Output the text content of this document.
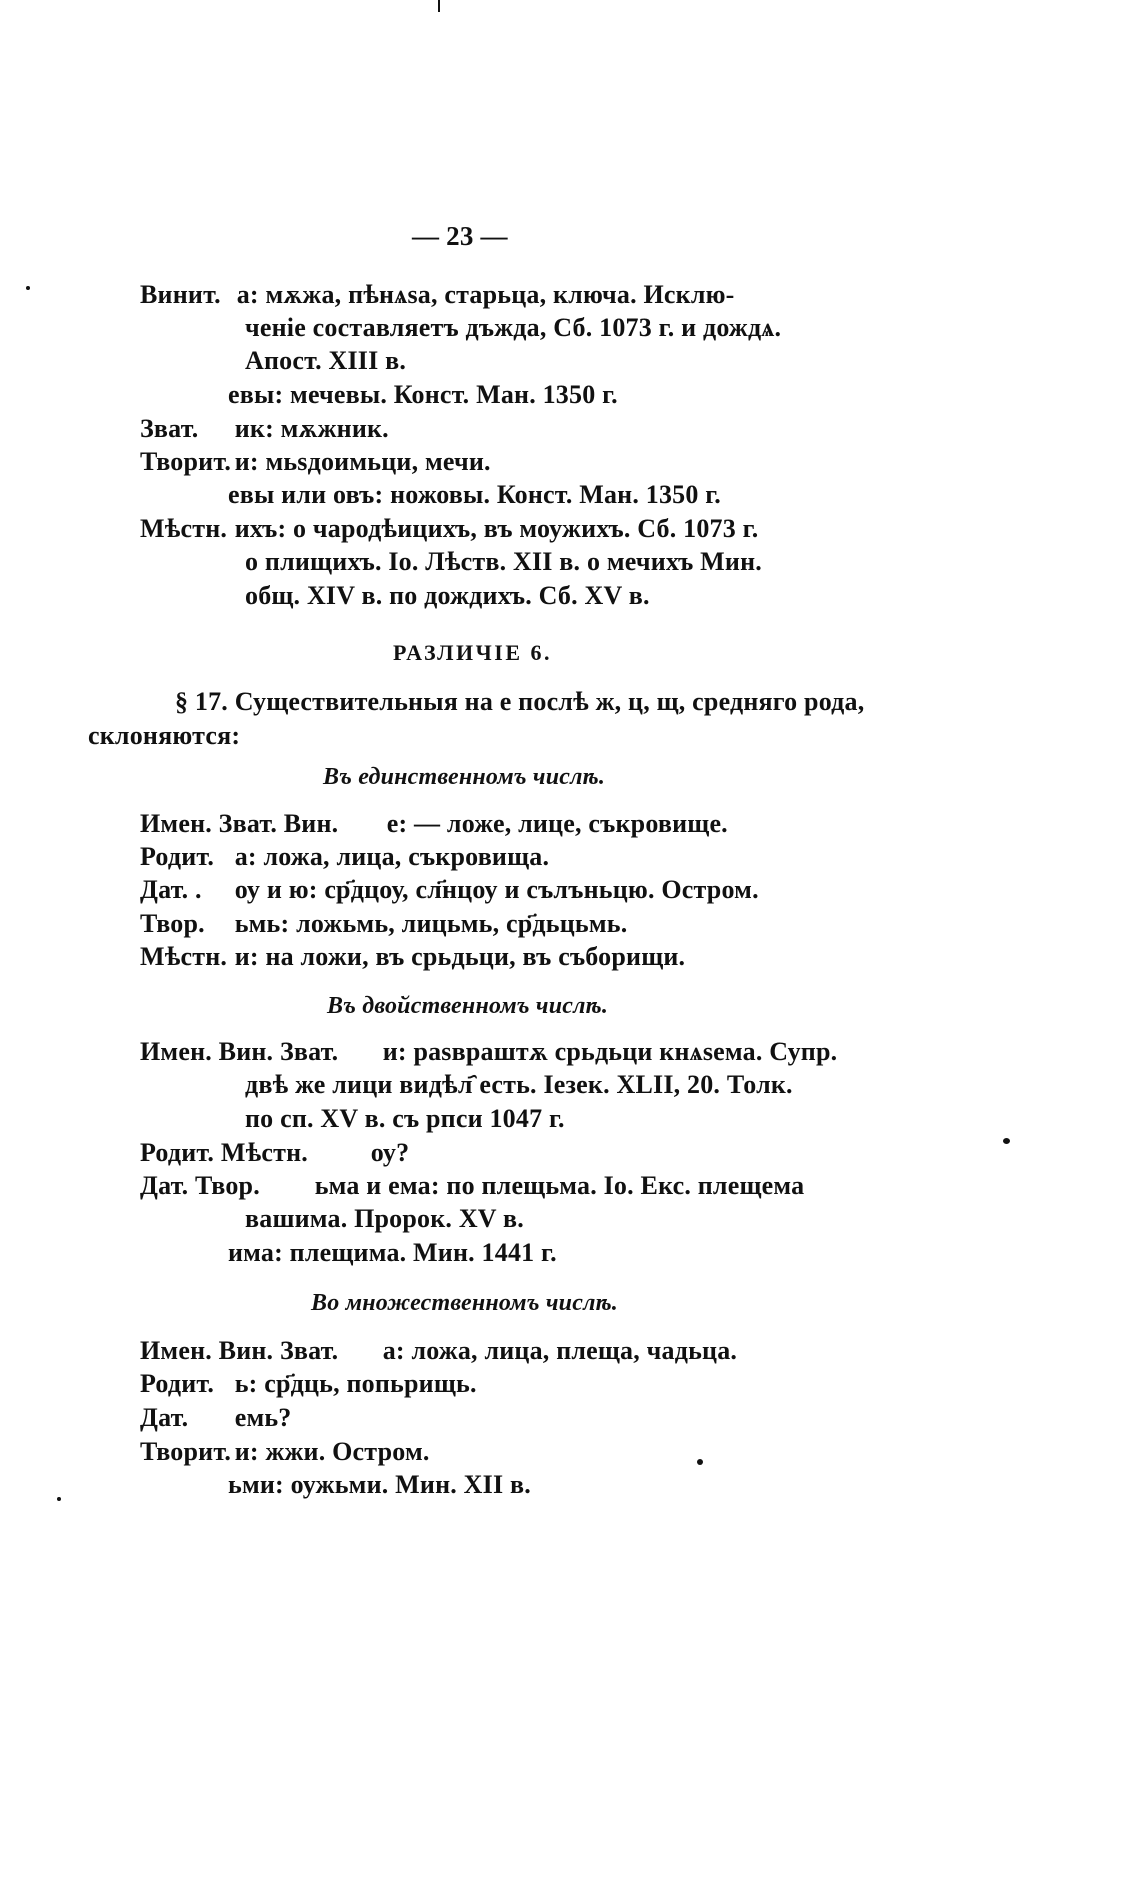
— 23 —
Винит. а: мѫжа, пѣнѧѕа, старьца, ключа. Исклю-
ченіе составляетъ дъжда, Сб. 1073 г. и дождѧ.
Апост. XIII в.
евы: мечевы. Конст. Ман. 1350 г.
Зват. ик: мѫжник.
Творит. и: мьѕдоимьци, мечи.
евы или овъ: ножовы. Конст. Ман. 1350 г.
Мѣстн. ихъ: о чародѣицихъ, въ моужихъ. Сб. 1073 г.
о плищихъ. Іо. Лѣств. XII в. о мечихъ Мин.
общ. XIV в. по дождихъ. Сб. XV в.
РАЗЛИЧІЕ 6.
§ 17. Существительныя на е послѣ ж, ц, щ, средняго рода,
склоняются:
Въ единственномъ числѣ.
Имен. Зват. Вин. е: — ложе, лице, съкровище.
Родит. а: ложа, лица, съкровища.
Дат. . оу и ю: ср҃дцоу, сл҃нцоу и сълъньцю. Остром.
Твор. ьмь: ложьмь, лицьмь, ср҃дьцьмь.
Мѣстн. и: на ложи, въ срьдьци, въ съборищи.
Въ двойственномъ числѣ.
Имен. Вин. Зват. и: раѕвраштѫ срьдьци кнѧѕема. Супр.
двѣ же лици видѣл҄ есть. Іезек. XLII, 20. Толк.
по сп. XV в. съ рпси 1047 г.
Родит. Мѣстн. оу?
Дат. Твор. ьма и ема: по плещьма. Іо. Екс. плещема
вашима. Пророк. XV в.
има: плещима. Мин. 1441 г.
Во множественномъ числѣ.
Имен. Вин. Зват. а: ложа, лица, плеща, чадьца.
Родит. ь: ср҃дць, попьрищь.
Дат. емь?
Творит. и: жжи. Остром.
ьми: оужьми. Мин. XII в.
